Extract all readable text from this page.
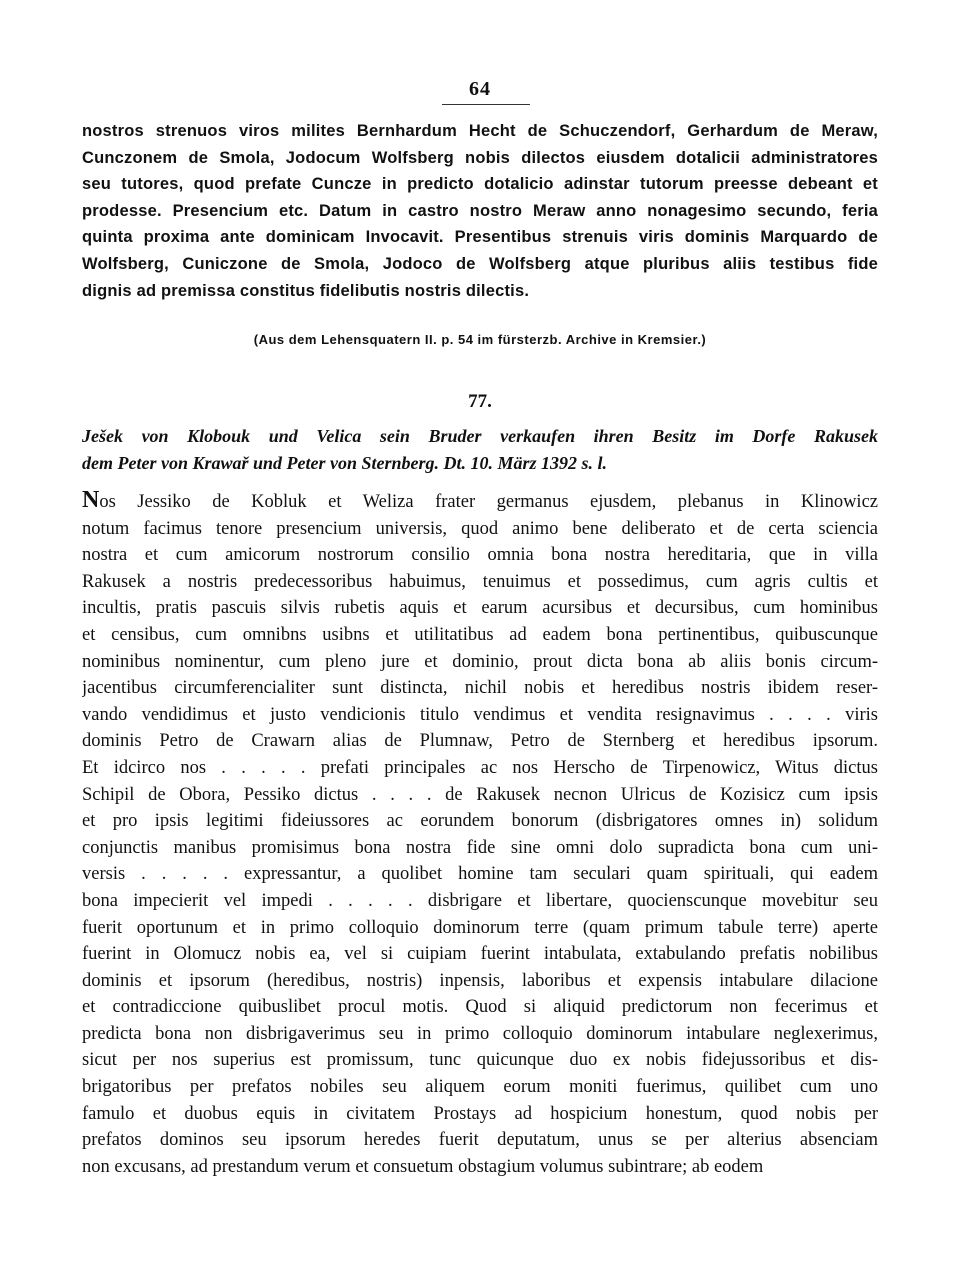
64
nostros strenuos viros milites Bernhardum Hecht de Schuczendorf, Gerhardum de Meraw,
Cunczonem de Smola, Jodocum Wolfsberg nobis dilectos eiusdem dotalicii administratores
seu tutores, quod prefate Cuncze in predicto dotalicio adinstar tutorum preesse debeant et
prodesse. Presencium etc. Datum in castro nostro Meraw anno nonagesimo secundo, feria
quinta proxima ante dominicam Invocavit. Presentibus strenuis viris dominis Marquardo de
Wolfsberg, Cuniczone de Smola, Jodoco de Wolfsberg atque pluribus aliis testibus fide
dignis ad premissa constitus fidelibutis nostris dilectis.
(Aus dem Lehensquatern II. p. 54 im fürsterzb. Archive in Kremsier.)
77.
Ješek von Klobouk und Velica sein Bruder verkaufen ihren Besitz im Dorfe Rakusek
dem Peter von Krawař und Peter von Sternberg. Dt. 10. März 1392 s. l.
Nos Jessiko de Kobluk et Weliza frater germanus ejusdem, plebanus in Klinowicz
notum facimus tenore presencium universis, quod animo bene deliberato et de certa sciencia
nostra et cum amicorum nostrorum consilio omnia bona nostra hereditaria, que in villa
Rakusek a nostris predecessoribus habuimus, tenuimus et possedimus, cum agris cultis et
incultis, pratis pascuis silvis rubetis aquis et earum acursibus et decursibus, cum hominibus
et censibus, cum omnibns usibns et utilitatibus ad eadem bona pertinentibus, quibuscunque
nominibus nominentur, cum pleno jure et dominio, prout dicta bona ab aliis bonis circum-
jacentibus circumferencialiter sunt distincta, nichil nobis et heredibus nostris ibidem reser-
vando vendidimus et justo vendicionis titulo vendimus et vendita resignavimus . . . . viris
dominis Petro de Crawarn alias de Plumnaw, Petro de Sternberg et heredibus ipsorum.
Et idcirco nos . . . . . prefati principales ac nos Herscho de Tirpenowicz, Witus dictus
Schipil de Obora, Pessiko dictus . . . . de Rakusek necnon Ulricus de Kozisicz cum ipsis
et pro ipsis legitimi fideiussores ac eorundem bonorum (disbrigatores omnes in) solidum
conjunctis manibus promisimus bona nostra fide sine omni dolo supradicta bona cum uni-
versis . . . . . expressantur, a quolibet homine tam seculari quam spirituali, qui eadem
bona impecierit vel impedi . . . . . disbrigare et libertare, quocienscunque movebitur seu
fuerit oportunum et in primo colloquio dominorum terre (quam primum tabule terre) aperte
fuerint in Olomucz nobis ea, vel si cuipiam fuerint intabulata, extabulando prefatis nobilibus
dominis et ipsorum (heredibus, nostris) inpensis, laboribus et expensis intabulare dilacione
et contradiccione quibuslibet procul motis. Quod si aliquid predictorum non fecerimus et
predicta bona non disbrigaverimus seu in primo colloquio dominorum intabulare neglexerimus,
sicut per nos superius est promissum, tunc quicunque duo ex nobis fidejussoribus et dis-
brigatoribus per prefatos nobiles seu aliquem eorum moniti fuerimus, quilibet cum uno
famulo et duobus equis in civitatem Prostays ad hospicium honestum, quod nobis per
prefatos dominos seu ipsorum heredes fuerit deputatum, unus se per alterius absenciam
non excusans, ad prestandum verum et consuetum obstagium volumus subintrare; ab eodem
